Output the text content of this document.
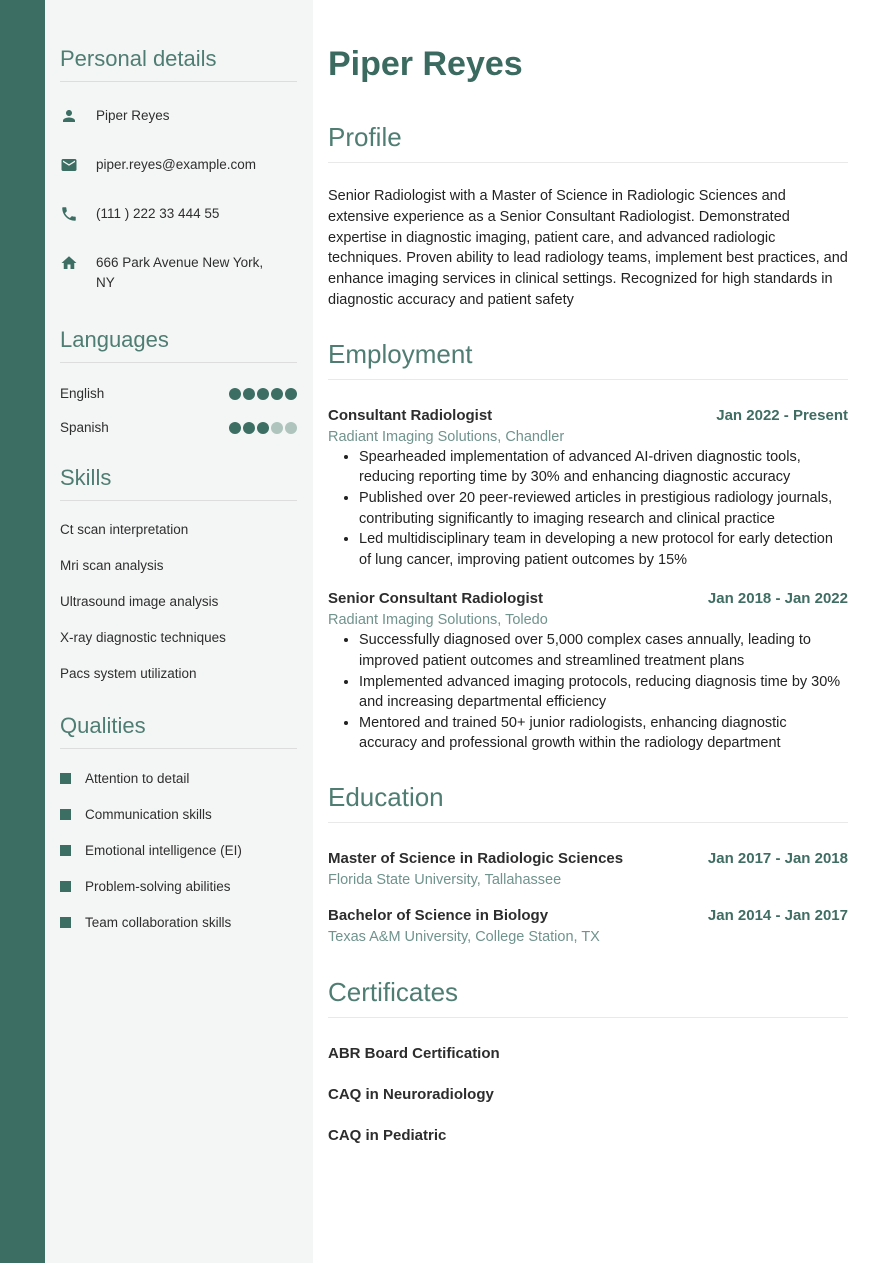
Personal details
Piper Reyes
piper.reyes@example.com
(111 ) 222 33 444 55
666 Park Avenue New York, NY
Languages
English
Spanish
Skills
Ct scan interpretation
Mri scan analysis
Ultrasound image analysis
X-ray diagnostic techniques
Pacs system utilization
Qualities
Attention to detail
Communication skills
Emotional intelligence (EI)
Problem-solving abilities
Team collaboration skills
Piper Reyes
Profile
Senior Radiologist with a Master of Science in Radiologic Sciences and extensive experience as a Senior Consultant Radiologist. Demonstrated expertise in diagnostic imaging, patient care, and advanced radiologic techniques. Proven ability to lead radiology teams, implement best practices, and enhance imaging services in clinical settings. Recognized for high standards in diagnostic accuracy and patient safety
Employment
Consultant Radiologist	Jan 2022 - Present
Radiant Imaging Solutions, Chandler
• Spearheaded implementation of advanced AI-driven diagnostic tools, reducing reporting time by 30% and enhancing diagnostic accuracy
• Published over 20 peer-reviewed articles in prestigious radiology journals, contributing significantly to imaging research and clinical practice
• Led multidisciplinary team in developing a new protocol for early detection of lung cancer, improving patient outcomes by 15%
Senior Consultant Radiologist	Jan 2018 - Jan 2022
Radiant Imaging Solutions, Toledo
• Successfully diagnosed over 5,000 complex cases annually, leading to improved patient outcomes and streamlined treatment plans
• Implemented advanced imaging protocols, reducing diagnosis time by 30% and increasing departmental efficiency
• Mentored and trained 50+ junior radiologists, enhancing diagnostic accuracy and professional growth within the radiology department
Education
Master of Science in Radiologic Sciences	Jan 2017 - Jan 2018
Florida State University, Tallahassee
Bachelor of Science in Biology	Jan 2014 - Jan 2017
Texas A&M University, College Station, TX
Certificates
ABR Board Certification
CAQ in Neuroradiology
CAQ in Pediatric
